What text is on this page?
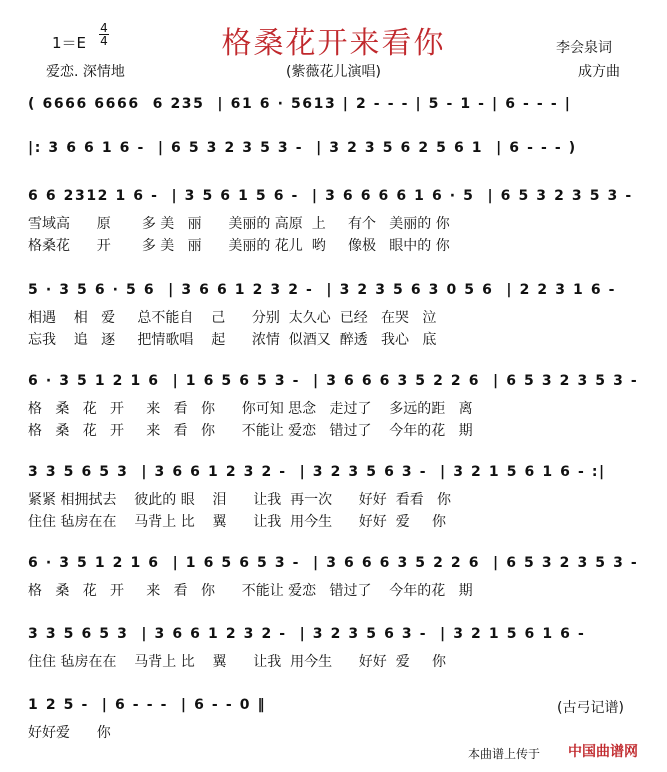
格桑花开来看你
1＝E
4
4
爱恋. 深情地	(紫薇花儿演唱)
李会泉词
成方曲
( 6666 6666  6 235  | 61 6 · 5613 | 2 - - - | 5 - 1 - | 6 - - - |
|: 3 6 6 1 6 -  | 6 5 3 2 3 5 3 -  | 3 2 3 5 6 2 5 6 1  | 6 - - - )
6 6 2312 1 6 -  | 3 5 6 1 5 6 -  | 3 6 6 6 6 1 6 · 5  | 6 5 3 2 3 5 3 -
雪域高      原       多 美   丽      美丽的 高原  上     有个   美丽的 你
格桑花      开       多 美   丽      美丽的 花儿  哟     像极   眼中的 你
5 · 3 5 6 · 5 6  | 3 6 6 1 2 3 2 -  | 3 2 3 5 6 3 0 5 6  | 2 2 3 1 6 -
相遇    相   爱     总不能自    己      分别  太久心  已经   在哭   泣
忘我    追   逐     把情歌唱    起      浓情  似酒又  醉透   我心   底
6 · 3 5 1 2 1 6  | 1 6 5 6 5 3 -  | 3 6 6 6 3 5 2 2 6  | 6 5 3 2 3 5 3 -
格   桑   花   开     来   看   你      你可知 思念   走过了    多远的距   离
格   桑   花   开     来   看   你      不能让 爱恋   错过了    今年的花   期
3 3 5 6 5 3  | 3 6 6 1 2 3 2 -  | 3 2 3 5 6 3 -  | 3 2 1 5 6 1 6 - :|
紧紧 相拥拭去    彼此的 眼    泪      让我  再一次      好好  看看   你
住住 毡房在在    马背上 比    翼      让我  用今生      好好  爱     你
6 · 3 5 1 2 1 6  | 1 6 5 6 5 3 -  | 3 6 6 6 3 5 2 2 6  | 6 5 3 2 3 5 3 -
格   桑   花   开     来   看   你      不能让 爱恋   错过了    今年的花   期
3 3 5 6 5 3  | 3 6 6 1 2 3 2 -  | 3 2 3 5 6 3 -  | 3 2 1 5 6 1 6 -
住住 毡房在在    马背上 比    翼      让我  用今生      好好  爱     你
1 2 5 -  | 6 - - -  | 6 - - 0 ‖
好好爱      你
(古弓记谱)
本曲谱上传于 中国曲谱网
